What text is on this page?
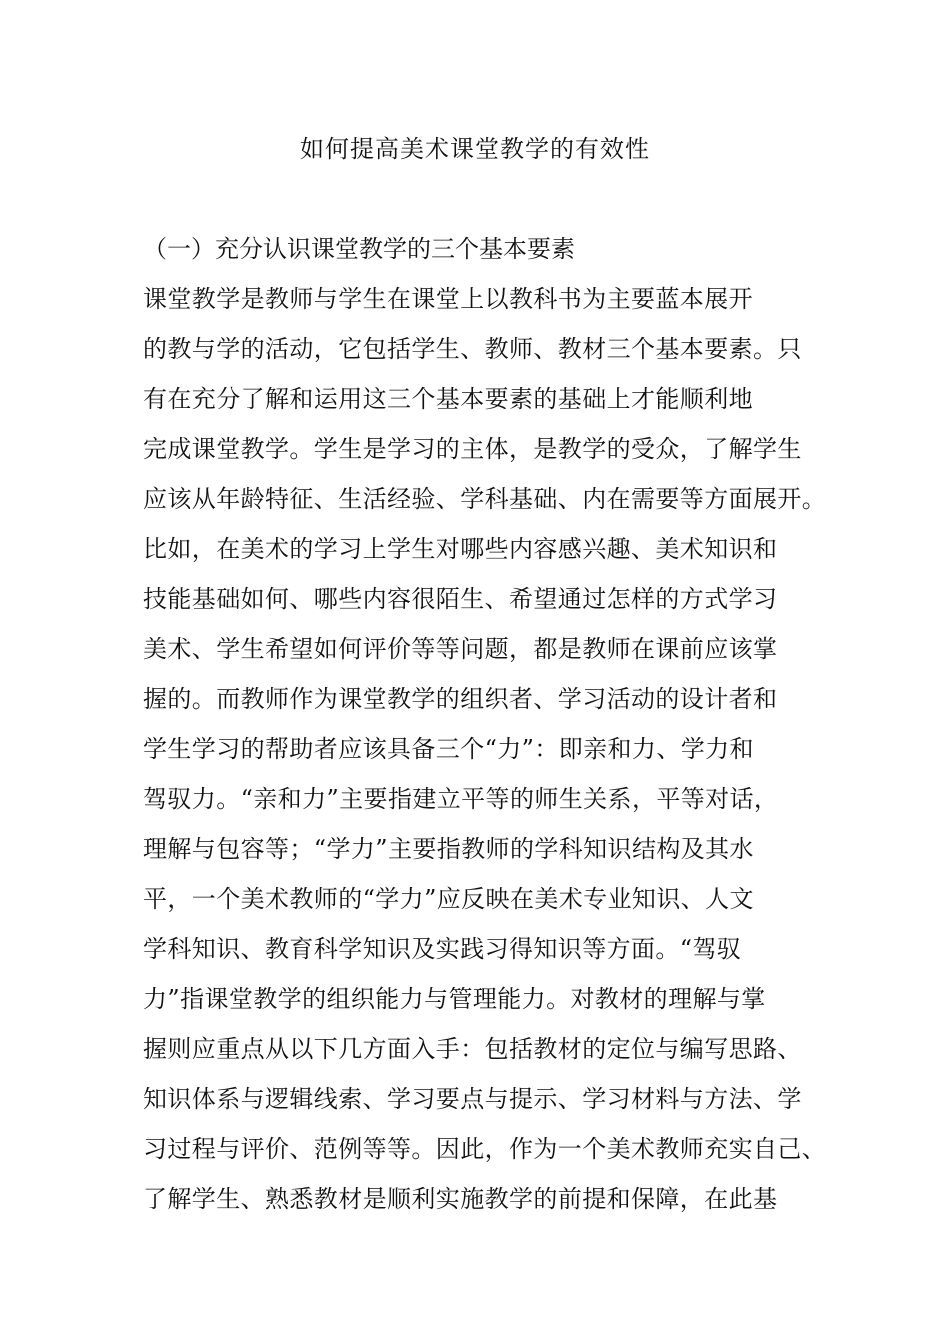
如何提高美术课堂教学的有效性
（一）充分认识课堂教学的三个基本要素
课堂教学是教师与学生在课堂上以教科书为主要蓝本展开
的教与学的活动，它包括学生、教师、教材三个基本要素。只
有在充分了解和运用这三个基本要素的基础上才能顺利地
完成课堂教学。学生是学习的主体，是教学的受众，了解学生
应该从年龄特征、生活经验、学科基础、内在需要等方面展开。
比如，在美术的学习上学生对哪些内容感兴趣、美术知识和
技能基础如何、哪些内容很陌生、希望通过怎样的方式学习
美术、学生希望如何评价等等问题，都是教师在课前应该掌
握的。而教师作为课堂教学的组织者、学习活动的设计者和
学生学习的帮助者应该具备三个“力”：即亲和力、学力和
驾驭力。“亲和力”主要指建立平等的师生关系，平等对话，
理解与包容等；“学力”主要指教师的学科知识结构及其水
平，一个美术教师的“学力”应反映在美术专业知识、人文
学科知识、教育科学知识及实践习得知识等方面。“驾驭
力”指课堂教学的组织能力与管理能力。对教材的理解与掌
握则应重点从以下几方面入手：包括教材的定位与编写思路、
知识体系与逻辑线索、学习要点与提示、学习材料与方法、学
习过程与评价、范例等等。因此，作为一个美术教师充实自己、
了解学生、熟悉教材是顺利实施教学的前提和保障，在此基
